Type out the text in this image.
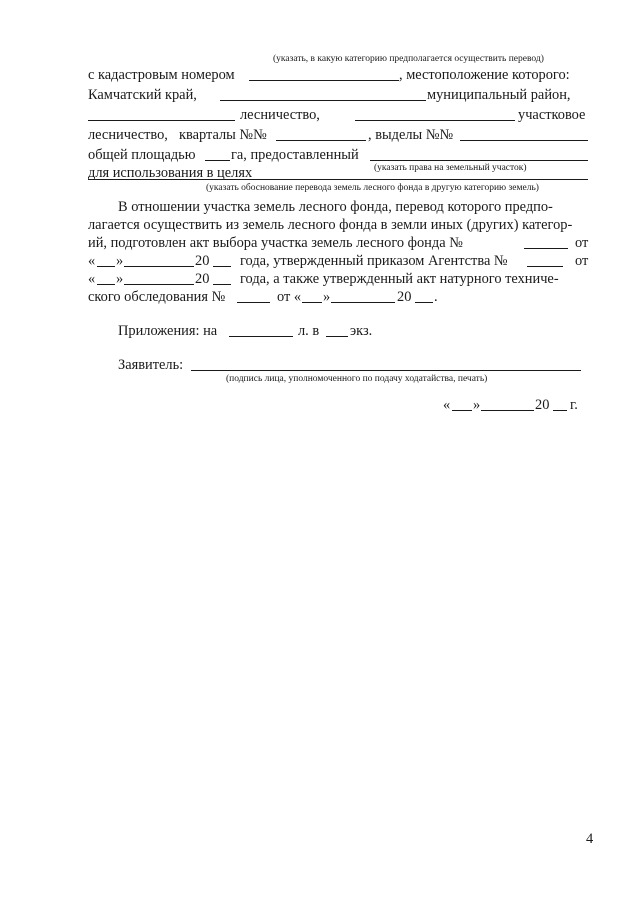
(указать, в какую категорию предполагается осуществить перевод)
с кадастровым номером	, местоположение которого:
Камчатский край,	муниципальный район,
лесничество,	участковое
лесничество, кварталы №№	, выделы №№
общей площадью га, предоставленный
(указать права на земельный участок)
для использования в целях
(указать обоснование перевода земель лесного фонда в другую категорию земель)
В отношении участка земель лесного фонда, перевод которого предпо-
лагается осуществить из земель лесного фонда в земли иных (других) категор-
ий, подготовлен акт выбора участка земель лесного фонда №	от
« »	20 года, утвержденный приказом Агентства №	от
« »	20 года, а также утвержденный акт натурного техниче-
ского обследования №	от « »	20 .
Приложения: на	л. в экз.
Заявитель:
(подпись лица, уполномоченного по подачу ходатайства, печать)
« »	20 г.
4
